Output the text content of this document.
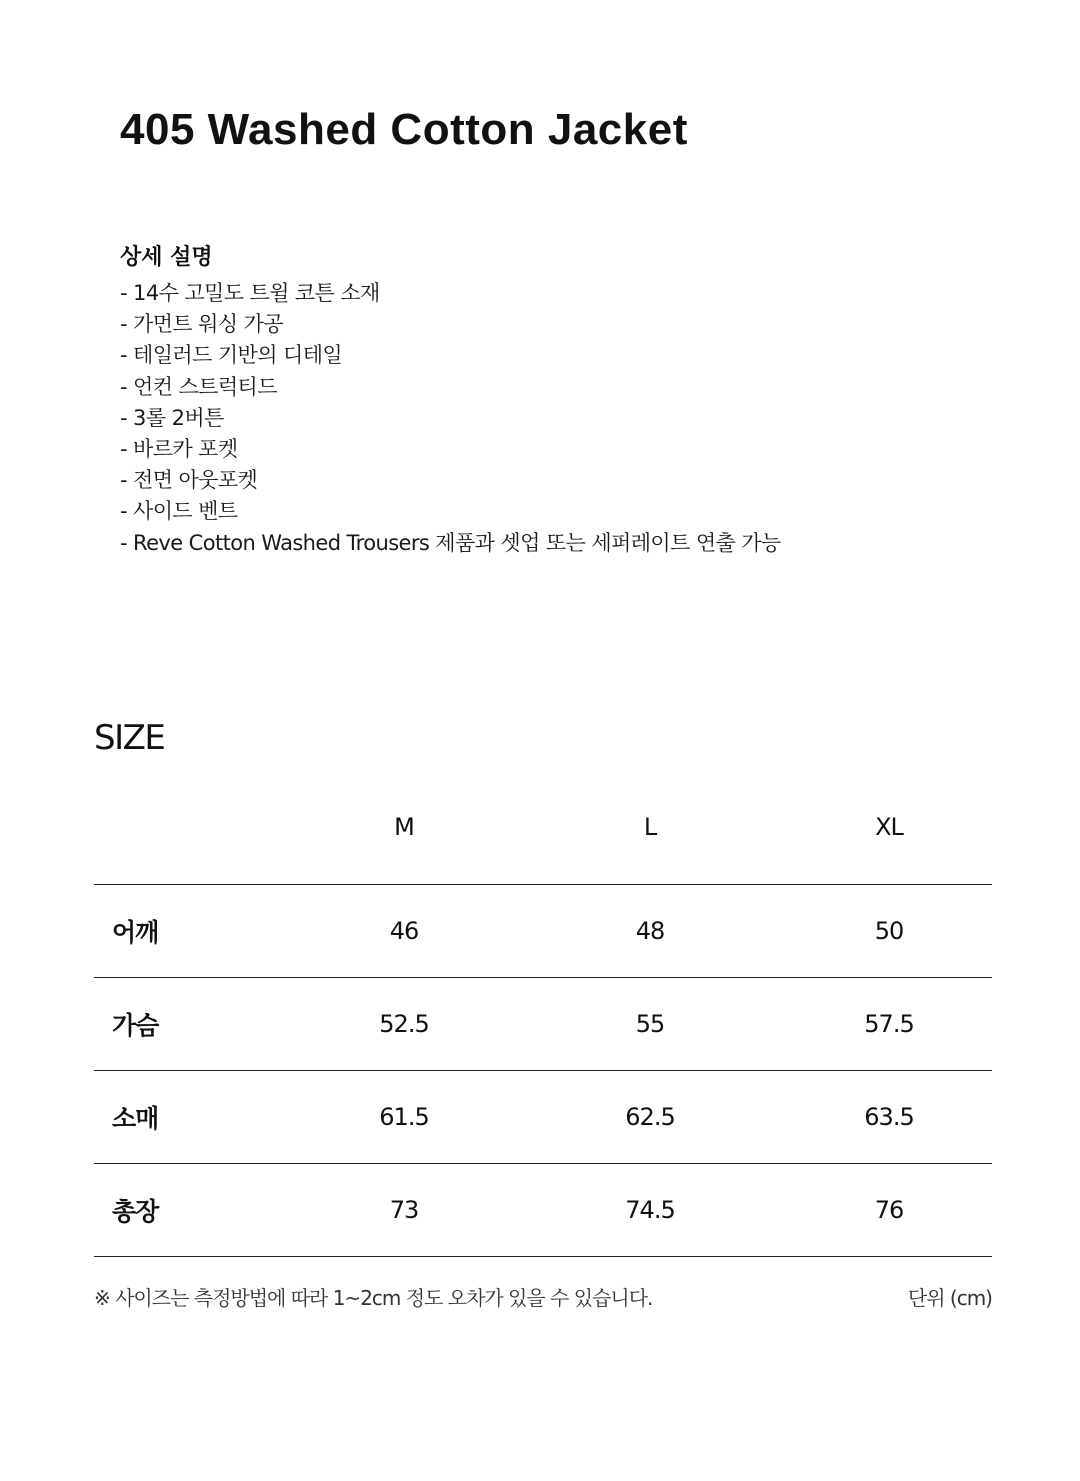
405 Washed Cotton Jacket
상세 설명
- 14수 고밀도 트윌 코튼 소재
- 가먼트 워싱 가공
- 테일러드 기반의 디테일
- 언컨 스트럭티드
- 3롤 2버튼
- 바르카 포켓
- 전면 아웃포켓
- 사이드 벤트
- Reve Cotton Washed Trousers 제품과 셋업 또는 세퍼레이트 연출 가능
SIZE
	M	L	XL
어깨	46	48	50
가슴	52.5	55	57.5
소매	61.5	62.5	63.5
총장	73	74.5	76
※ 사이즈는 측정방법에 따라 1~2cm 정도 오차가 있을 수 있습니다.	단위 (cm)
